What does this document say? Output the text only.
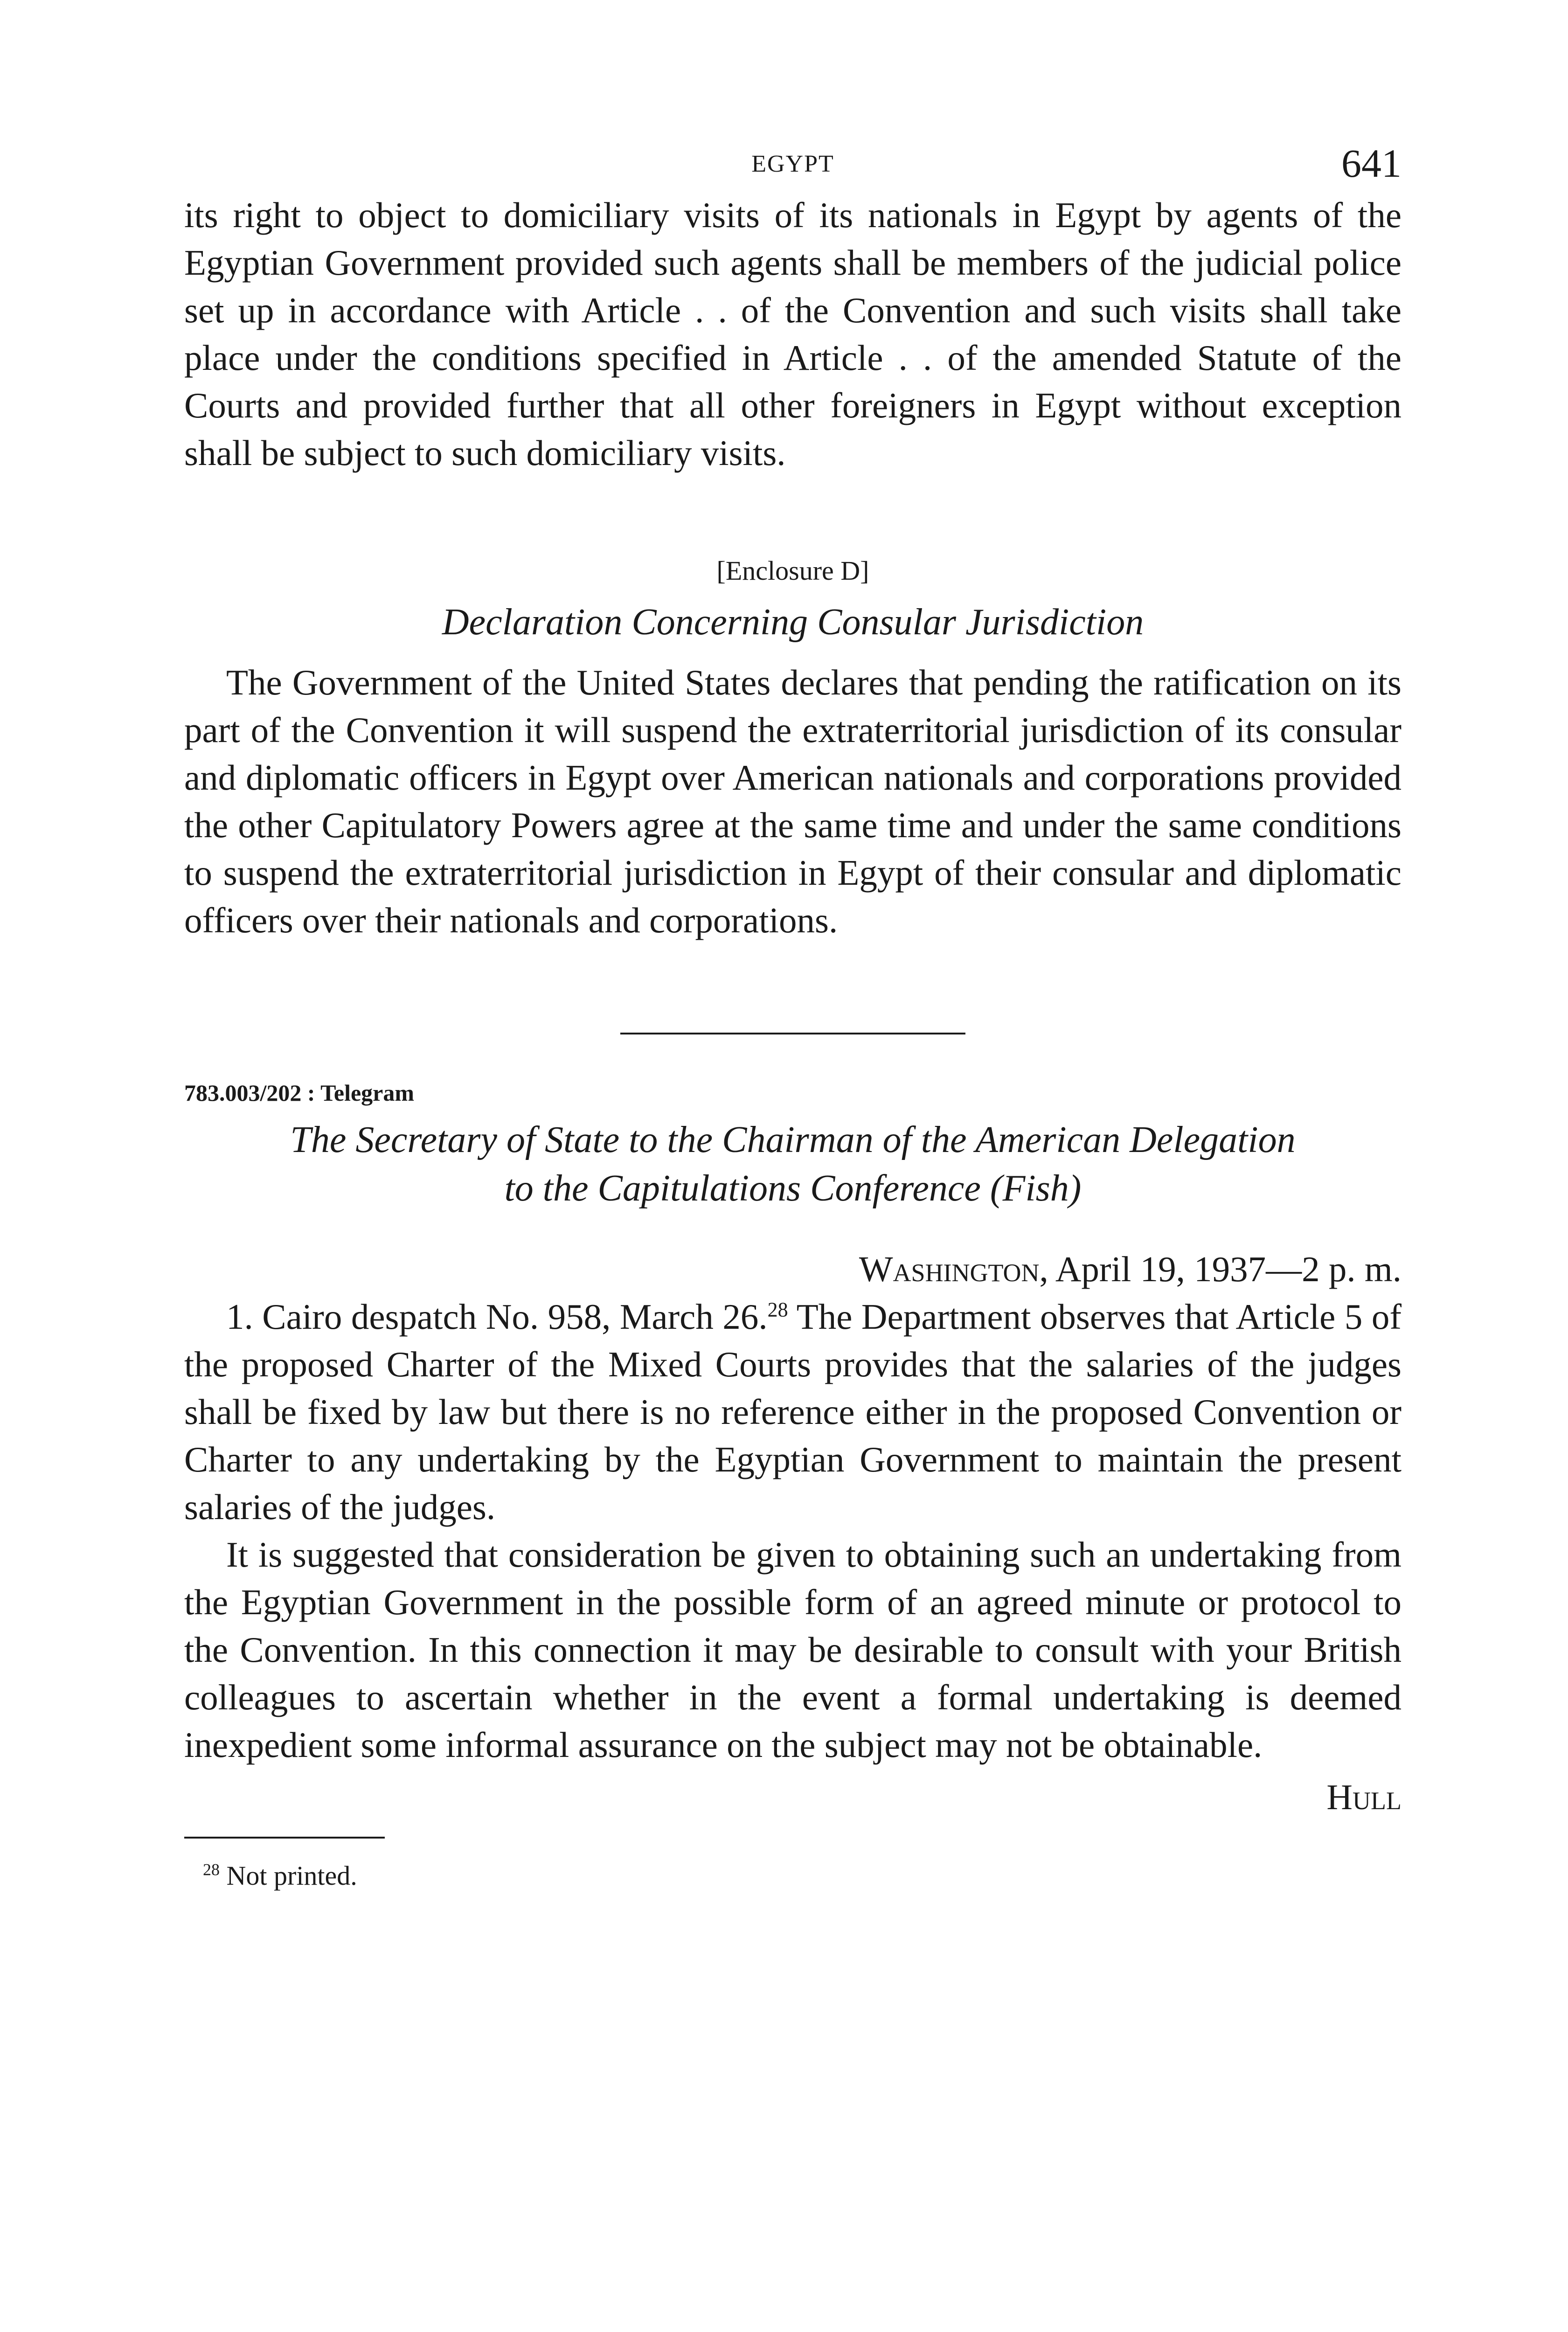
EGYPT	641

its right to object to domiciliary visits of its nationals in Egypt by agents of the Egyptian Government provided such agents shall be members of the judicial police set up in accordance with Article . . of the Convention and such visits shall take place under the conditions specified in Article . . of the amended Statute of the Courts and provided further that all other foreigners in Egypt without exception shall be subject to such domiciliary visits.

[Enclosure D]
Declaration Concerning Consular Jurisdiction

The Government of the United States declares that pending the ratification on its part of the Convention it will suspend the extraterritorial jurisdiction of its consular and diplomatic officers in Egypt over American nationals and corporations provided the other Capitulatory Powers agree at the same time and under the same conditions to suspend the extraterritorial jurisdiction in Egypt of their consular and diplomatic officers over their nationals and corporations.

783.003/202 : Telegram
The Secretary of State to the Chairman of the American Delegation
to the Capitulations Conference (Fish)
Washington, April 19, 1937—2 p. m.

1. Cairo despatch No. 958, March 26.28 The Department observes that Article 5 of the proposed Charter of the Mixed Courts provides that the salaries of the judges shall be fixed by law but there is no reference either in the proposed Convention or Charter to any undertaking by the Egyptian Government to maintain the present salaries of the judges.

It is suggested that consideration be given to obtaining such an undertaking from the Egyptian Government in the possible form of an agreed minute or protocol to the Convention. In this connection it may be desirable to consult with your British colleagues to ascertain whether in the event a formal undertaking is deemed inexpedient some informal assurance on the subject may not be obtainable.

Hull
$^{28}$ Not printed.
